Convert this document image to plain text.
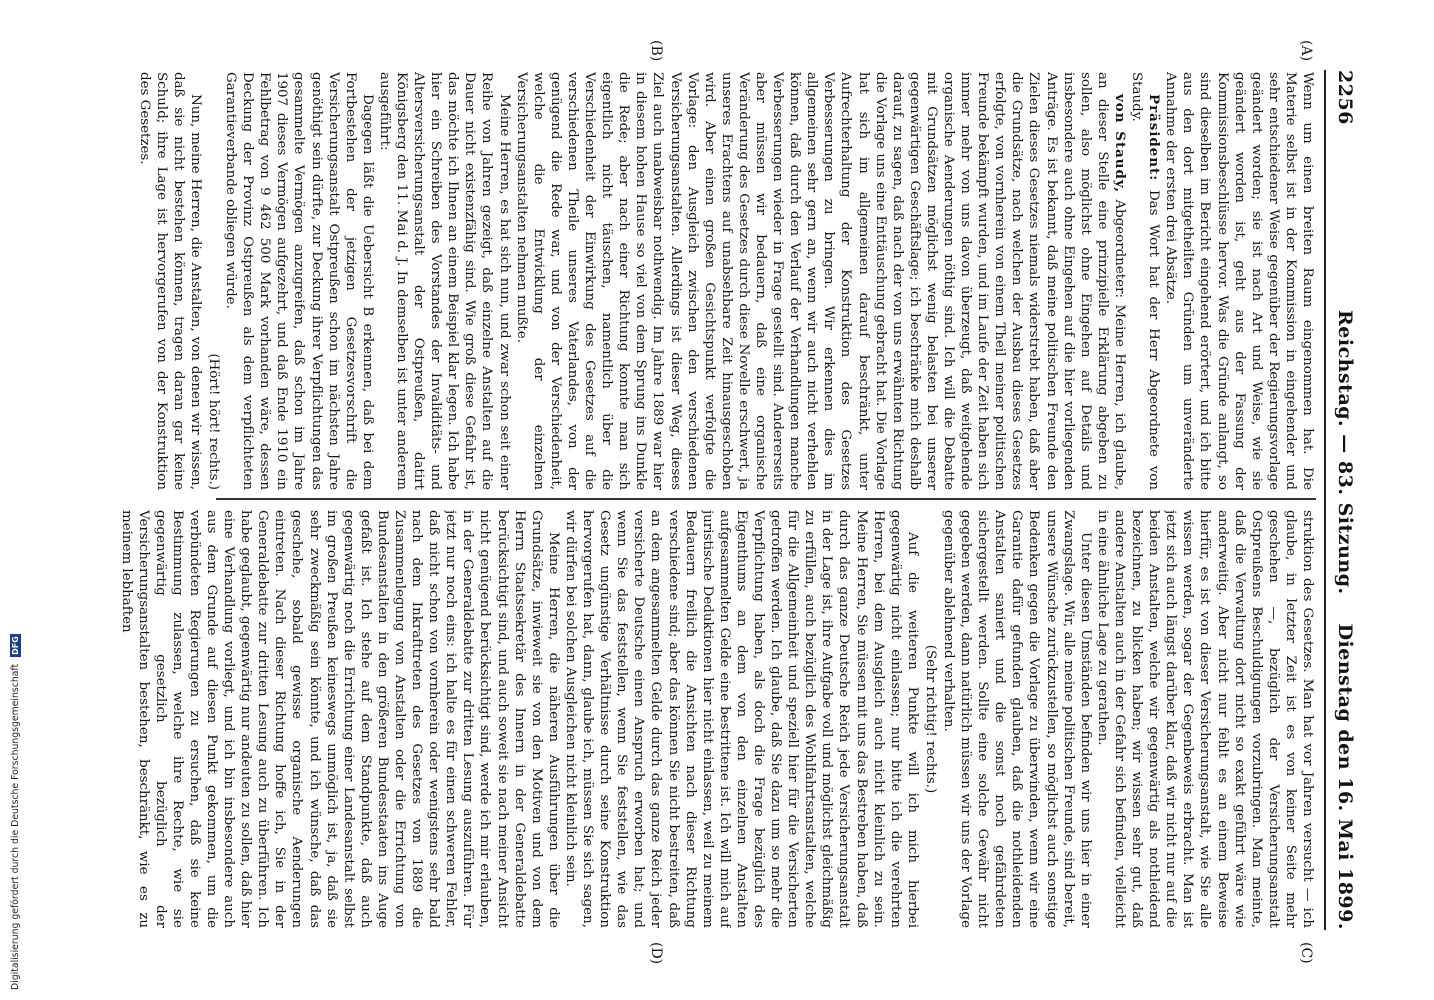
2256
Reichstag. — 83. Sitzung.
Dienstag den 16. Mai 1899.
(A)
(B)
(C)
(D)

Wenn um einen breiten Raum eingenommen hat. Die Materie selbst ist in der Kommission in eingehender und sehr entschiedener Weise gegenüber der Regierungsvorlage geändert worden; sie ist nach Art und Weise, wie sie geändert worden ist, geht aus der Fassung der Kommissionsbeschlüsse hervor. Was die Gründe anlangt, so sind dieselben im Bericht eingehend erörtert, und ich bitte aus den dort mitgetheilten Gründen um unveränderte Annahme der ersten drei Absätze.

Präsident: Das Wort hat der Herr Abgeordnete von Staudy.

von Staudy, Abgeordneter: Meine Herren, ich glaube, an dieser Stelle eine prinzipielle Erklärung abgeben zu sollen, also möglichst ohne Eingehen auf Details und insbesondere auch ohne Eingehen auf die hier vorliegenden Anträge. Es ist bekannt, daß meine politischen Freunde den Zielen dieses Gesetzes niemals widerstrebt haben, daß aber die Grundsätze, nach welchen der Ausbau dieses Gesetzes erfolgte, von vornherein von einem Theil meiner politischen Freunde bekämpft wurden, und im Laufe der Zeit haben sich immer mehr von uns davon überzeugt, daß weitgehende organische Aenderungen nöthig sind. Ich will die Debatte mit Grundsätzen möglichst wenig belasten bei unserer gegenwärtigen Geschäftslage; ich beschränke mich deshalb darauf, zu sagen, daß nach der von uns erwähnten Richtung die Vorlage uns eine Enttäuschung gebracht hat. Die Vorlage hat sich im allgemeinen darauf beschränkt, unter Aufrechterhaltung der Konstruktion des Gesetzes Verbesserungen zu bringen. Wir erkennen dies im allgemeinen sehr gern an, wenn wir auch nicht verhehlen können, daß durch den Verlauf der Verhandlungen manche Verbesserungen wieder in Frage gestellt sind. Andererseits aber müssen wir bedauern, daß eine organische Veränderung des Gesetzes durch diese Novelle erschwert, ja unseres Erachtens auf unabsehbare Zeit hinausgeschoben wird. Aber einen großen Gesichtspunkt verfolgte die Vorlage: den Ausgleich zwischen den verschiedenen Versicherungsanstalten. Allerdings ist dieser Weg, dieses Ziel auch unabweisbar nothwendig. Im Jahre 1889 war hier in diesem hohen Hause so viel von dem Sprung ins Dunkle die Rede; aber nach einer Richtung konnte man sich eigentlich nicht täuschen, namentlich über die Verschiedenheit der Einwirkung des Gesetzes auf die verschiedenen Theile unseres Vaterlandes, von der genügend die Rede war, und von der Verschiedenheit, welche die Entwicklung der einzelnen Versicherungsanstalten nehmen mußte.

Meine Herren, es hat sich nun, und zwar schon seit einer Reihe von Jahren gezeigt, daß einzelne Anstalten auf die Dauer nicht existenzfähig sind. Wie groß diese Gefahr ist, das möchte ich Ihnen an einem Beispiel klar legen. Ich habe hier ein Schreiben des Vorstandes der Invaliditäts- und Altersversicherungsanstalt der Ostpreußen, datirt Königsberg den 11. Mai d. J. In demselben ist unter anderem ausgeführt:

Dagegen läßt die Uebersicht B erkennen, daß bei dem Fortbestehen der jetzigen Gesetzesvorschrift die Versicherungsanstalt Ostpreußen schon im nächsten Jahre genöthigt sein dürfte, zur Deckung ihrer Verpflichtungen das gesammelte Vermögen anzugreifen, daß schon im Jahre 1907 dieses Vermögen aufgezehrt, und daß Ende 1910 ein Fehlbetrag von 9 462 500 Mark vorhanden wäre, dessen Deckung der Provinz Ostpreußen als dem verpflichteten Garantieverbande obliegen würde.

(Hört! hört! rechts.)

Nun, meine Herren, die Anstalten, von denen wir wissen, daß sie nicht bestehen können, tragen daran gar keine Schuld; ihre Lage ist hervorgerufen von der Konstruktion des Gesetzes.

struktion des Gesetzes. Man hat vor Jahren versucht — ich glaube, in letzter Zeit ist es von keiner Seite mehr geschehen —, bezüglich der Versicherungsanstalt Ostpreußens Beschuldigungen vorzubringen. Man meinte, daß die Verwaltung dort nicht so exakt geführt wäre wie anderweitig. Aber nicht nur fehlt es an einem Beweise hierfür, es ist von dieser Versicherungsanstalt, wie Sie alle wissen werden, sogar der Gegenbeweis erbracht. Man ist jetzt sich auch längst darüber klar, daß wir nicht nur auf die beiden Anstalten, welche wir gegenwärtig als nothleidend bezeichnen, zu blicken haben; wir wissen sehr gut, daß andere Anstalten auch in der Gefahr sich befinden, vielleicht in eine ähnliche Lage zu gerathen.

Unter diesen Umständen befinden wir uns hier in einer Zwangslage. Wir, alle meine politischen Freunde, sind bereit, unsere Wünsche zurückzustellen, so möglichst auch sonstige Bedenken gegen die Vorlage zu überwinden, wenn wir eine Garantie dafür gefunden glauben, daß die nothleidenden Anstalten saniert und die sonst noch gefährdeten sichergestellt werden. Sollte eine solche Gewähr nicht gegeben werden, dann natürlich müssen wir uns der Vorlage gegenüber ablehnend verhalten.

(Sehr richtig! rechts.)

Auf die weiteren Punkte will ich mich hierbei gegenwärtig nicht einlassen; nur bitte ich die verehrten Herren, bei dem Ausgleich auch nicht kleinlich zu sein. Meine Herren, Sie müssen mit uns das Bestreben haben, daß durch das ganze Deutsche Reich jede Versicherungsanstalt in der Lage ist, ihre Aufgabe voll und möglichst gleichmäßig zu erfüllen, auch bezüglich des Wohlfahrtsanstalten, welche für die Allgemeinheit und speziell hier für die Versicherten getroffen werden. Ich glaube, daß Sie dazu um so mehr die Verpflichtung haben, als doch die Frage bezüglich des Eigenthums an dem von den einzelnen Anstalten aufgesammelten Gelde eine bestrittene ist. Ich will mich auf juristische Deduktionen hier nicht einlassen, weil zu meinem Bedauern freilich die Ansichten nach dieser Richtung verschiedene sind; aber das können Sie nicht bestreiten, daß an dem angesammelten Gelde durch das ganze Reich jeder versicherte Deutsche einen Anspruch erworben hat; und wenn Sie das feststellen, wenn Sie feststellen, wie das Gesetz ungünstige Verhältnisse durch seine Konstruktion hervorgerufen hat, dann, glaube ich, müssen Sie sich sagen, wir dürfen bei solchen Ausgleichen nicht kleinlich sein.

Meine Herren, die näheren Ausführungen über die Grundsätze, inwieweit sie von den Motiven und von dem Herrn Staatssekretär des Innern in der Generaldebatte berücksichtigt sind, und auch soweit sie nach meiner Ansicht nicht genügend berücksichtigt sind, werde ich mir erlauben, in der Generaldebatte zur dritten Lesung auszuführen. Für jetzt nur noch eins: ich halte es für einen schweren Fehler, daß nicht schon von vornherein oder wenigstens sehr bald nach dem Inkrafttreten des Gesetzes von 1889 die Zusammenlegung von Anstalten oder die Errichtung von Bundesanstalten in den größeren Bundesstaaten ins Auge gefaßt ist. Ich stehe auf dem Standpunkte, daß auch gegenwärtig noch die Errichtung einer Landesanstalt selbst im großen Preußen keineswegs unmöglich ist, ja, daß sie sehr zweckmäßig sein könnte, und ich wünsche, daß das geschehe, sobald gewisse organische Aenderungen eintreten. Nach dieser Richtung hoffe ich, Sie in der Generaldebatte zur dritten Lesung auch zu überführen. Ich habe geglaubt, gegenwärtig nur andeuten zu sollen, daß hier eine Verhandlung vorliegt, und ich bin insbesondere auch aus dem Grunde auf diesen Punkt gekommen, um die verbündeten Regierungen zu ersuchen, daß sie keine Bestimmung zulassen, welche ihre Rechte, wie sie gegenwärtig gesetzlich bezüglich der Versicherungsanstalten bestehen, beschränkt, wie es zu meinem lebhaften

Digitalisierung gefördert durch die Deutsche Forschungsgemeinschaft DFG
